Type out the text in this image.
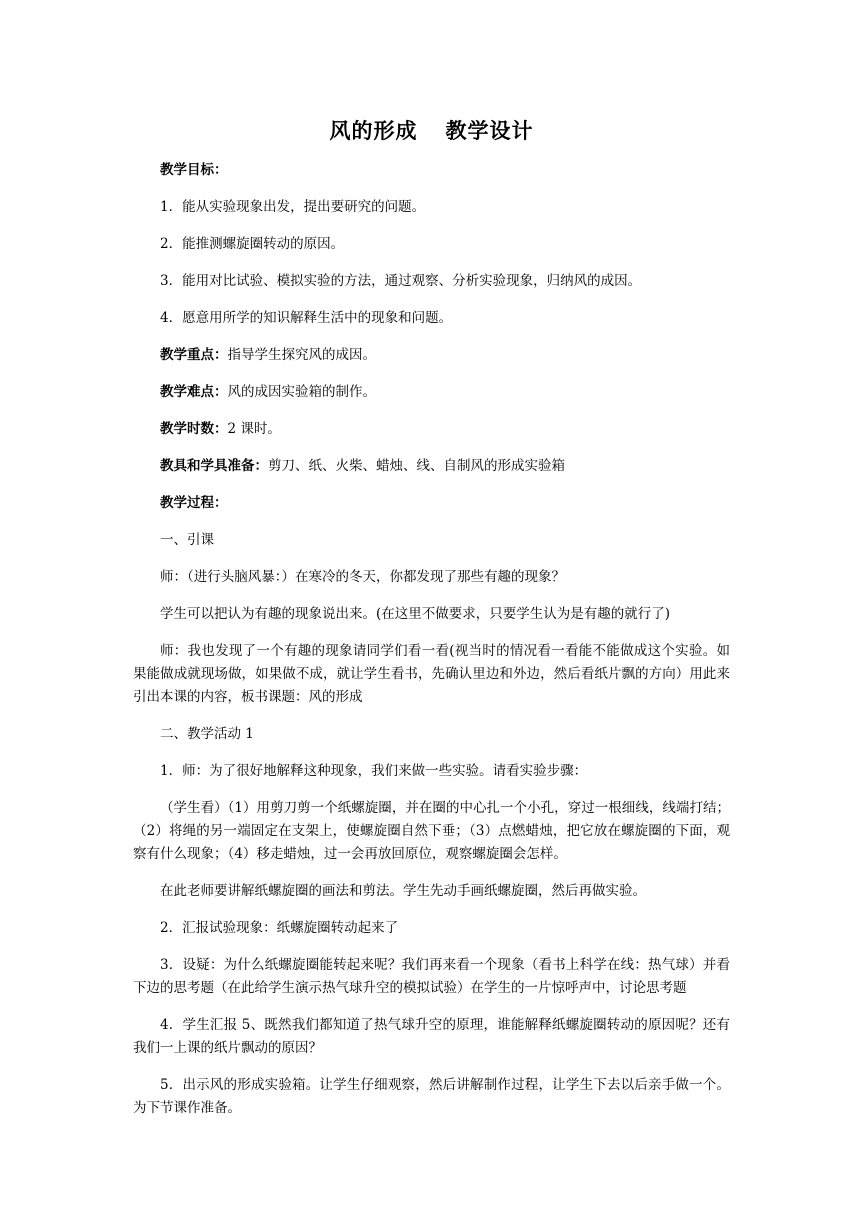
风的形成 教学设计

教学目标：

1．能从实验现象出发，提出要研究的问题。

2．能推测螺旋圈转动的原因。

3．能用对比试验、模拟实验的方法，通过观察、分析实验现象，归纳风的成因。

4．愿意用所学的知识解释生活中的现象和问题。

教学重点：指导学生探究风的成因。

教学难点：风的成因实验箱的制作。

教学时数：2 课时。

教具和学具准备：剪刀、纸、火柴、蜡烛、线、自制风的形成实验箱

教学过程：

一、引课

师：（进行头脑风暴：）在寒冷的冬天，你都发现了那些有趣的现象？

学生可以把认为有趣的现象说出来。(在这里不做要求，只要学生认为是有趣的就行了)

师：我也发现了一个有趣的现象请同学们看一看(视当时的情况看一看能不能做成这个实验。如果能做成就现场做，如果做不成，就让学生看书，先确认里边和外边，然后看纸片飘的方向）用此来引出本课的内容，板书课题：风的形成

二、教学活动 1

1．师：为了很好地解释这种现象，我们来做一些实验。请看实验步骤：

（学生看）（1）用剪刀剪一个纸螺旋圈，并在圈的中心扎一个小孔，穿过一根细线，线端打结；（2）将绳的另一端固定在支架上，使螺旋圈自然下垂；（3）点燃蜡烛，把它放在螺旋圈的下面，观察有什么现象；（4）移走蜡烛，过一会再放回原位，观察螺旋圈会怎样。

在此老师要讲解纸螺旋圈的画法和剪法。学生先动手画纸螺旋圈，然后再做实验。

2．汇报试验现象：纸螺旋圈转动起来了

3．设疑：为什么纸螺旋圈能转起来呢？我们再来看一个现象（看书上科学在线：热气球）并看下边的思考题（在此给学生演示热气球升空的模拟试验）在学生的一片惊呼声中，讨论思考题

4．学生汇报 5、既然我们都知道了热气球升空的原理，谁能解释纸螺旋圈转动的原因呢？还有我们一上课的纸片飘动的原因？

5．出示风的形成实验箱。让学生仔细观察，然后讲解制作过程，让学生下去以后亲手做一个。为下节课作准备。
